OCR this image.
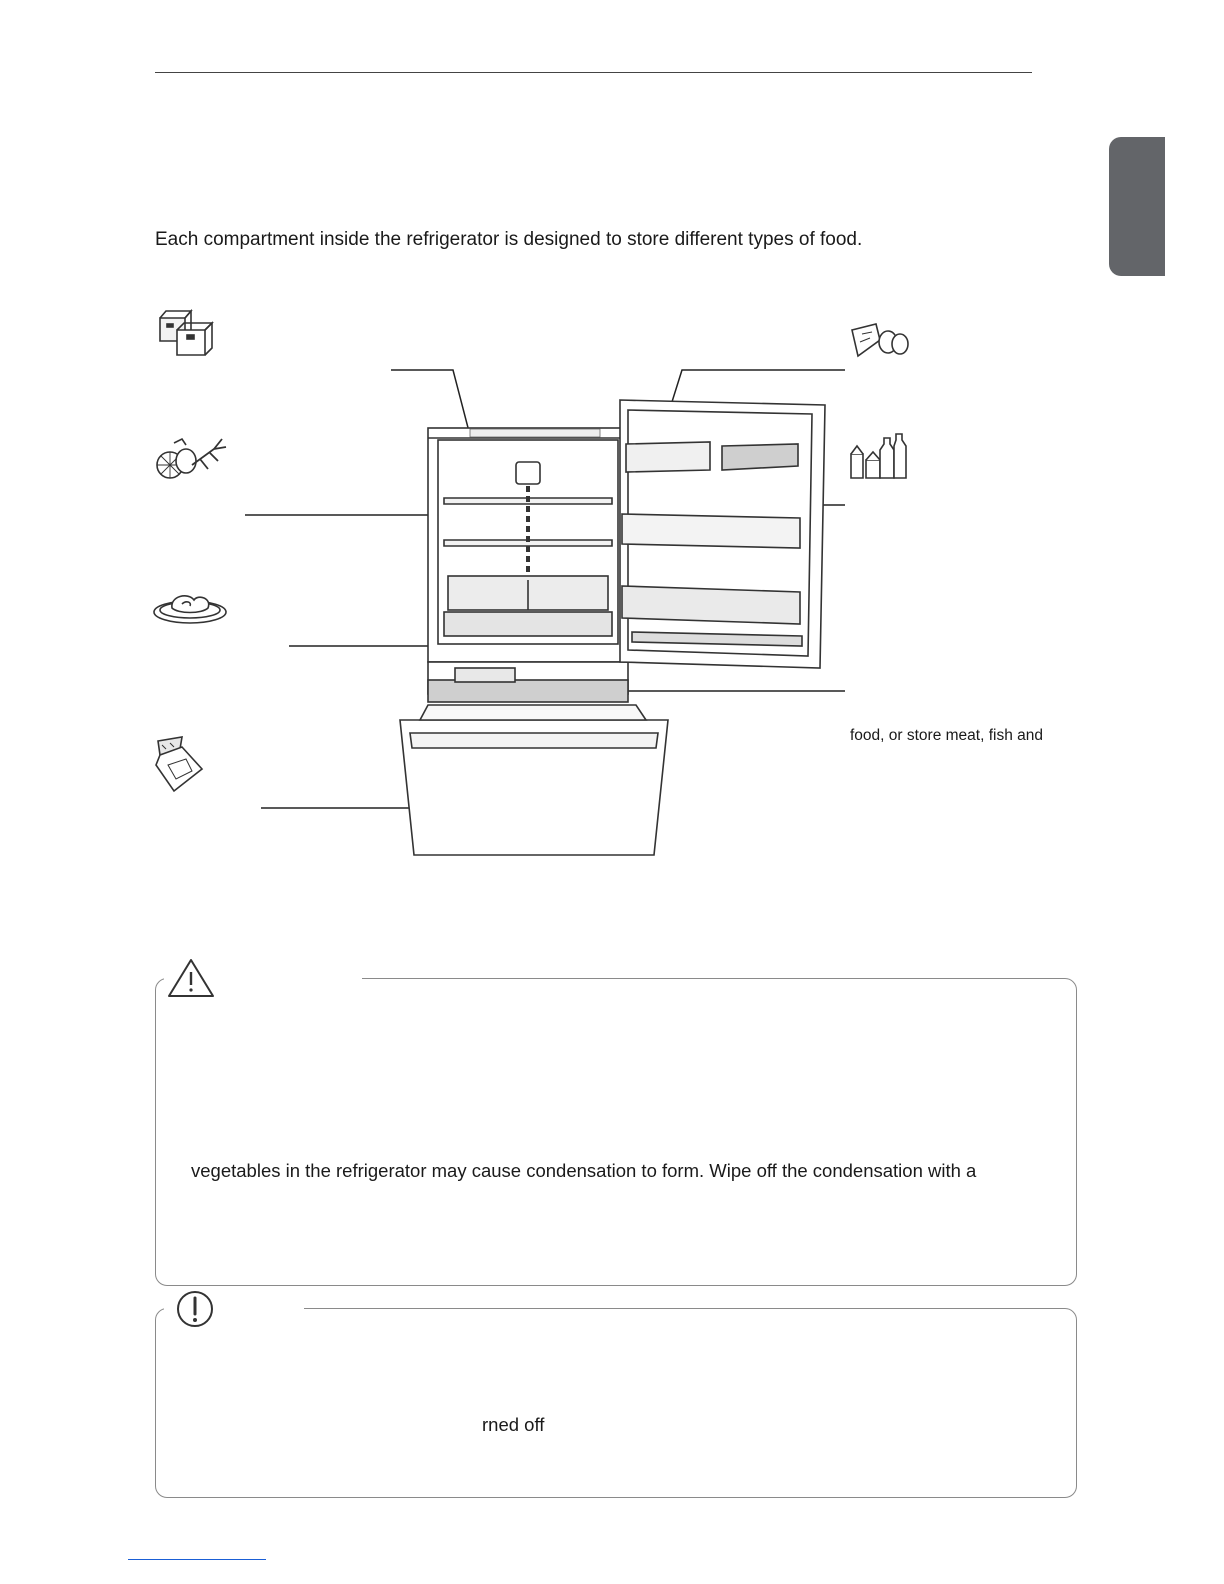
Each compartment inside the refrigerator is designed to store different types of food.
food, or store meat, fish and
vegetables in the refrigerator may cause condensation to form. Wipe off the condensation with a
rned off
